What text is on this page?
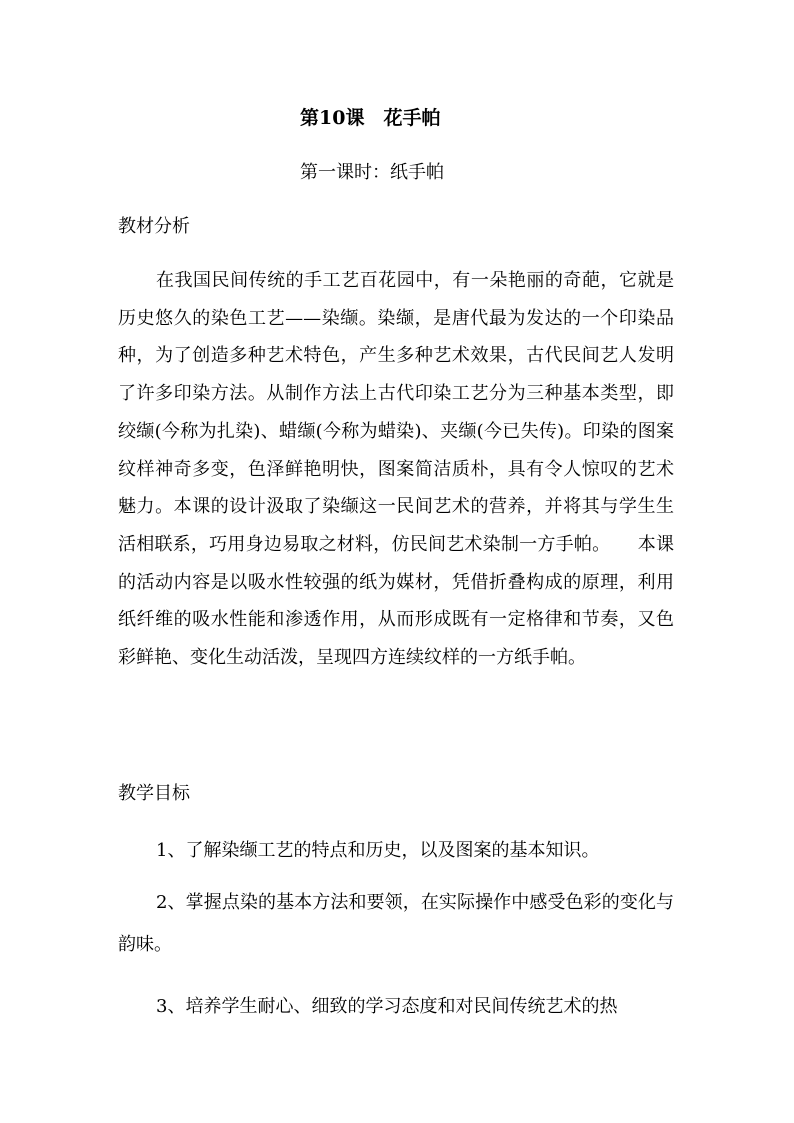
第10课　花手帕
第一课时：纸手帕
教材分析
在我国民间传统的手工艺百花园中，有一朵艳丽的奇葩，它就是历史悠久的染色工艺——染缬。染缬，是唐代最为发达的一个印染品种，为了创造多种艺术特色，产生多种艺术效果，古代民间艺人发明了许多印染方法。从制作方法上古代印染工艺分为三种基本类型，即绞缬(今称为扎染)、蜡缬(今称为蜡染)、夹缬(今已失传)。印染的图案纹样神奇多变，色泽鲜艳明快，图案简洁质朴，具有令人惊叹的艺术魅力。本课的设计汲取了染缬这一民间艺术的营养，并将其与学生生活相联系，巧用身边易取之材料，仿民间艺术染制一方手帕。　　本课的活动内容是以吸水性较强的纸为媒材，凭借折叠构成的原理，利用纸纤维的吸水性能和渗透作用，从而形成既有一定格律和节奏，又色彩鲜艳、变化生动活泼，呈现四方连续纹样的一方纸手帕。
教学目标
1、了解染缬工艺的特点和历史，以及图案的基本知识。
2、掌握点染的基本方法和要领，在实际操作中感受色彩的变化与韵味。
3、培养学生耐心、细致的学习态度和对民间传统艺术的热
